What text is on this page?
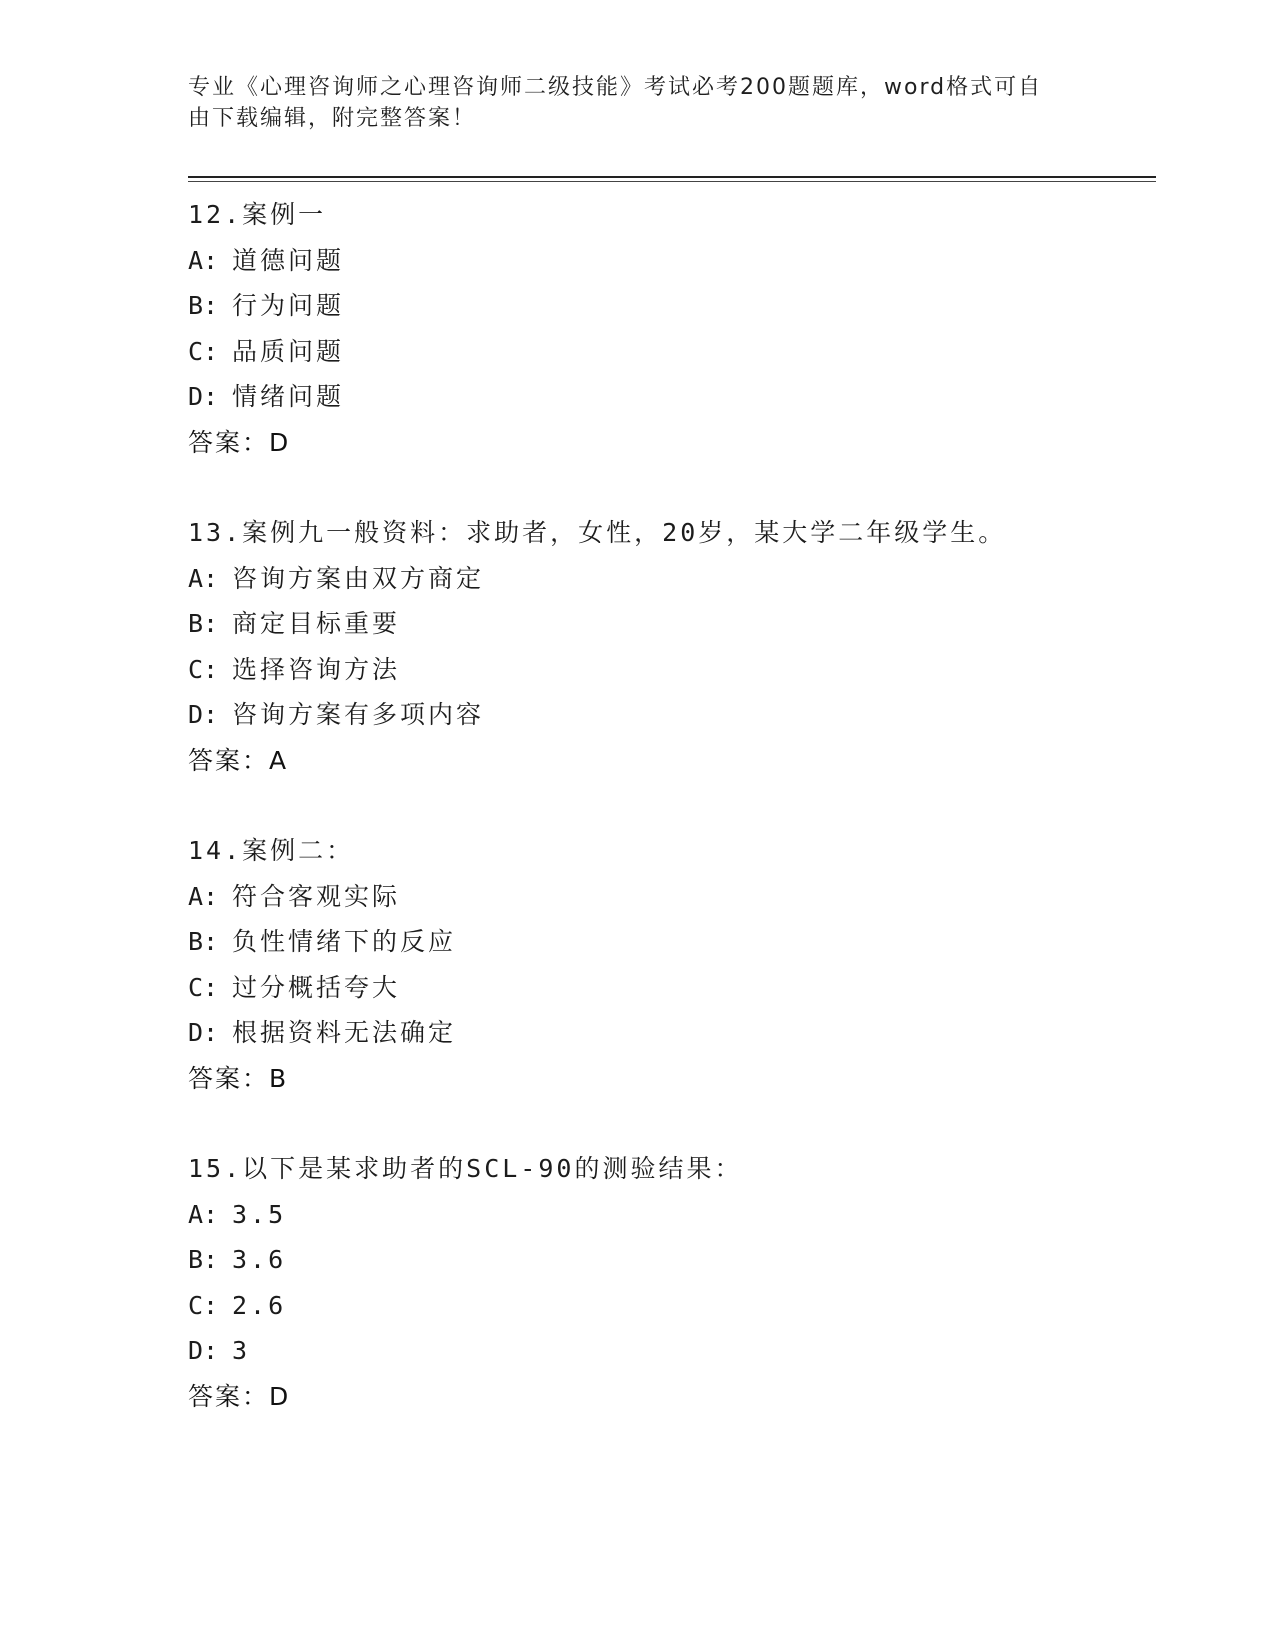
专业《心理咨询师之心理咨询师二级技能》考试必考200题题库，word格式可自
由下载编辑，附完整答案！
12.案例一
A: 道德问题
B: 行为问题
C: 品质问题
D: 情绪问题
答案：D
13.案例九一般资料：求助者，女性，20岁，某大学二年级学生。
A: 咨询方案由双方商定
B: 商定目标重要
C: 选择咨询方法
D: 咨询方案有多项内容
答案：A
14.案例二：
A: 符合客观实际
B: 负性情绪下的反应
C: 过分概括夸大
D: 根据资料无法确定
答案：B
15.以下是某求助者的SCL-90的测验结果：
A: 3.5
B: 3.6
C: 2.6
D: 3
答案：D
